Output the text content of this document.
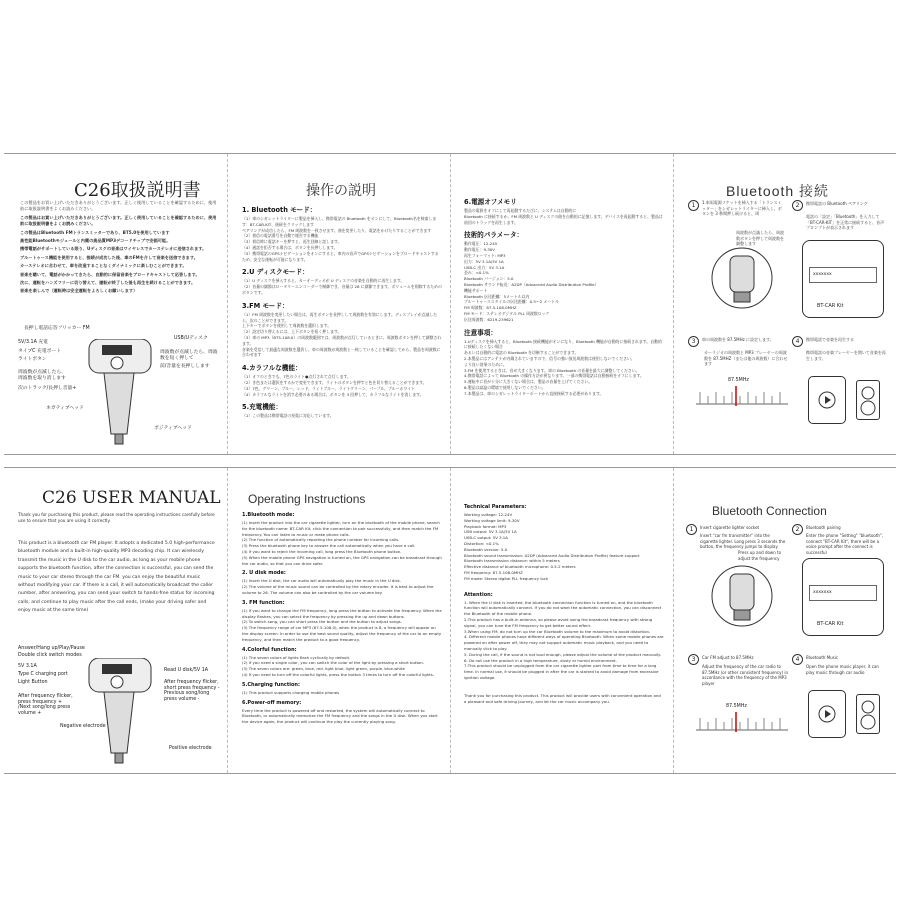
C26取扱説明書
この製品をお買い上げいただきありがとうございます。正しく使用していることを確認するために、使用前に取扱説明書をよくお読みください。
この製品はお買い上げいただきありがとうございます。正しく使用していることを確認するために、使用前に取扱説明書をよくお読みください。
この製品はBluetooth FMトランスミッターであり、BT5.0を使用しています
高性能Bluetoothモジュールと内蔵の高品質MP3デコードチップで安価可能。
携帯電話がサポートしている限り、Uディスクの音楽はワイヤレスでカーステレオに送信されます。
ブルートゥース機能を使用すると、接続が成功した後、車のFMを介して音楽を送信できます。
カーステレオに合わせて、車を改造することなくダイナミックに楽しむことができます。
音楽を聴いて、電話がかかってきたら、自動的に保留音楽をブロードキャストして応答します。
次に、運転をハンズフリーに切り替えて、運転が終了した後も再生を続けることができます。
音楽を楽しんで（運転時は安全運転をよろしくお願いします）
長押し電話応答フリッカー FM
5V/3.1A 充電
タイプC 充電ポート
ライトボタン
周波数が点滅したら、周波数を取り消します
次のトラック/長押し音量+
USB/Uディスク
周波数が点滅したら、周波数を短く押して
前/音量を長押しします
ネガティブヘッド
ポジティブヘッド
操作の説明
1. Bluetooth モード：
（1）車のシガレットライターに製品を挿入し、携帯電話の Bluetooth をオンにして、Bluetooth名を検索します：BT-CAR-KIT、接続をクリックします
ペアリングが成功したら、FM 周波数を一致させます。曲を変更したり、電話をかけたりすることができます
（2）着信の電話番号を自動で報告する機能
（3）着信時に電話キーを押すと、再生回線と話します。
（4）通話を拒否する場合は、ボタンを長押しします。
（5）携帯電話のGPSナビゲーションをオンにすると、車内の音声でGPSナビゲーションをブロードキャストするため、安全な運転が可能になります。
2.U ディスクモード：
（1）U ディスクを挿入すると、カーオーディオが U ディスクの音楽を自動的に再生します。
（2）音量の調節はロータリーエンコーダーで制御でき、音量は 26 に調節できます。ボリュームを削除するためのボタンです。
3.FM モード：
（1）FM 周波数を変更したい場合は、再生ボタンを長押しして周波数を有効にします。ディスプレイが点滅したら、次のことができます。
上下キーでボタンを使用して周波数を選択します。
（2）設定切り替えるには、上下ボタンを短く押します。
（3）車の MP3（BT5-108.0）の周波数範囲では、周波数が点灯しているときに、周波数ボタンを押して調整されます。
音楽を受信して最適な周波数を選択し、車の周波数が周波数と一致していることを確認してから、製品を周波数に合わせます
4.カラフルな機能：
（1）オフのときでも、7色のライト●点灯されて点灯します。
（2）き色または選択をするかで変更できます。ライトのボタンを押すと色を切り替えることができます。
（3）7色、グリーン、ブルー、レッド、ライトブルー、ライトグリーン、パープル、ブルーホワイト
（4）カラフルなライトを消す必要のある場合は、ボタンを 3 回押して、カラフルなライトを消します。
5.充電機能：
（1）この製品は携帯電話の充電に対応しています。
6.電源オフメモリ
製品の電源をオフにして再起動するたびに、システムは自動的に
Bluetooth に接続するか、FM 周波数と U ディスクの曲を自動的に記憶します。デバイスを再起動すると、製品は前回のトラックを再生します。
技術的パラメータ：
動作電圧：12-24V
動作電圧：9-30V
再生フォーマット: MP3
出力：5V 3.1A/5V 1A
USB-C 出力：5V 3.1A
歪み：<0.1%
Bluetooth バージョン：5.0
Bluetooth サウンド転送：A2DP（Advanced Audio Distribution Profile）
機能サポート
Bluetooth 伝送距離：5メートル以内
ブルートゥーススタイルの伝送距離：0.5～2 メートル
FM 周波数：87.5-108.0MHZ
FM モード：ステレオデジタル PLL 周波数ロック
伝送周波数：6219-239621
注意事項：
1.Uディスクを挿入すると、Bluetooth 接続機能がオンになり、Bluetooth 機能が自動的に接続されます。自動的に接続したくない場合
あるいは自動的に電話の Bluetooth を切断することができます。
2.本製品にはアンテナが内蔵されていますので、信号の強い放送周波数は使用しないでください。
より良い効果のために。
3.FM を使用するときは、音が大きくなります。車の Bluetooth の音量を最大に調整してください。
4.携帯電話によって Bluetooth の操作方法が異なります。一部の携帯電話は自動接続をオフにします。
5.運転中に音が十分に大きくない場合は、製品の音量を上げてください。
6.製品は高温の環境で使用しないでください。
7.本製品は、車のシガレットライターポートから直接接続する必要があります。
Bluetooth 接続
1	1.車両電源ソケットを挿入する「トランスミッター」をシガレットライターに挿入し、ボタンを 3 秒間押し続けると、周
周波数が点滅したら、周波数ボタンを押して周波数を調整します
2	携帯電話の Bluetooth ペアリング
電話の「設定」「Bluetooth」を入力して「BT-CAR-KIT」を正常に接続すると、音声プロンプトが表示されます
xxxxxxx
BT-CAR Kit
3	車の周波数を 87.5MHz に設定します。
カーラジオの周波数と MP3 プレーヤーの周波数を 87.5MHZ（または他の周波数）に合わせます
87.5MHz
4	携帯電話で音楽を再生する
携帯電話の音楽プレーヤーを開いて音楽を再生します。
C26 USER MANUAL
Thank you for purchasing this product, please read the operating instructions carefully before use to ensure that you are using it correctly.
This product is a bluetooth car FM player. It adopts a dedicated 5.0 high-performance bluetooth module and a built-in high-quality MP3 decoding chip. It can wirelessly transmit the music in the U disk to the car audio, as long as your mobile phone supports the bluetooth function, after the connection is successful, you can send the music to your car stereo through the car FM. you can enjoy the beautiful music without modifying your car. If there is a call, it will automatically broadcast the caller number, after answering, you can send your switch to hands-free status for incoming calls, and continue to play music after the call ends, (make your driving safer and enjoy music at the same time)
Answer/Hang up/Play/Pause
Double click switch modes
5V 3.1A
Type C charging port
Light Button
After frequency flicker, press frequency + /Next song/long press volume +
Negative electrode
Read U disk/5V 1A
After frequency flicker, short press frequency - Previous song/long press volume -
Positive electrode
Operating Instructions
1.Bluetooth mode:
(1) Insert the product into the car cigarette lighter, turn on the bluetooth of the mobile phone, search for the bluetooth name: BT-CAR Kit, click the connection to pair successfully, and then match the FM frequency. You can listen to music or make phone calls.
(2) The function of automatically reporting the phone number for incoming calls.
(3) Press the bluetooth phone key to answer the call automatically when you have a call.
(4) If you want to reject the incoming call, long press the Bluetooth phone button.
(5) When the mobile phone GPS navigation is turned on, the GPS navigation can be broadcast through the car audio, so that you can drive safer.
2. U disk mode:
(1) Insert the U disk, the car audio will automatically play the music in the U disk.
(2) The volume of the music sound can be controlled by the rotary encoder. It is best to adjust the volume to 26. The volume can also be controlled by the car volume key.
3. FM function:
(1) If you want to change the FM frequency, long press the button to activate the frequency. When the display flashes, you can select the frequency by pressing the up and down buttons.
(2) To switch song, you can short press the button and the button to adjust songs.
(3) The frequency range of car MP3 (87.5-108.0), when the product is 8, a frequency will appear on the display screen. In order to use the best sound quality, adjust the frequency of the car to an empty frequency, and then match the product to a good frequency.
4.Colorful function:
(1) The seven colors of lights flash cyclically by default.
(2) If you need a single color, you can switch the color of the light by pressing a short button.
(3) The seven colors are: green, blue, red, light blue, light green, purple, blue-white
(4) If you need to turn off the colorful lights, press the button 3 times to turn off the colorful lights.
5.Charging function:
(1) This product supports charging mobile phones
6.Power-off memory:
Every time the product is powered off and restarted, the system will automatically connect to Bluetooth, or automatically memorize the FM frequency and the songs in the U disk. When you start the device again, the product will continue the play the currently playing song.
Technical Parameters:
Working voltage: 12-24V
Working voltage limit: 9-30V
Playback format: MP3
USB output: 5V 3.1A/5V 1A
USB-C output: 5V 3.1A
Distortion: <0.1%
Bluetooth version: 5.0
Bluetooth sound transmission: A2DP (Advanced Audio Distribution Profile) feature support
Bluetooth transmission distance: within 5 meters
Effective distance of bluetooth microphone: 0.5-2 meters
FM frequency: 87.5-108.0MHZ
FM mode: Stereo digital PLL frequency lock
Attention:
1. When the U disk is inserted, the bluetooth connection function is turned on, and the bluetooth function will automatically connect. If you do not want the automatic connection, you can disconnect the Bluetooth of the mobile phone.
2.This product has a built-in antenna, so please avoid using the broadcast frequency with strong signal, you can tune the FM frequency to get better sound effect.
3.When using FM, do not turn up the car Bluetooth volume to the maximum to avoid distortion.
4. Different mobile phones have different ways of operating Bluetooth. When some mobile phones are powered on after power off, they may not support automatic music playback, and you need to manually click to play.
5. During the call, if the sound is not loud enough, please adjust the volume of the product manually.
6. Do not use the product in a high temperature, dusty or humid environment.
7.This product should be unplugged from the car cigarette lighter port from time to time for a long time. In normal use, it should be plugged in after the car is started to avoid damage from excessive ignition voltage.
Thank you for purchasing this product. This product will provide users with convenient operation and a pleasant and safe driving journey, and let the car music accompany you.
Bluetooth Connection
1	Insert cigarette lighter socket
Insert "car fm transmitter" into the cigarette lighter. Long press 3 seconds the button, the frequency jumps to display
Press up and down to adjust the frequency
2	Bluetooth pairing
Enter the phone "Setting" "bluetooth", connect "BT-CAR Kit", there will be a voice prompt after the connect is successful
xxxxxxx
BT-CAR Kit
3	Car FM adjust to 87.5MHz
Adjust the frequency of the car radio to 87.5MHz (or other consistent frequency) in accordance with the frequency of the MP3 player
87.5MHz
4	Bluetooth Music
Open the phone music player, it can play music through car audio
